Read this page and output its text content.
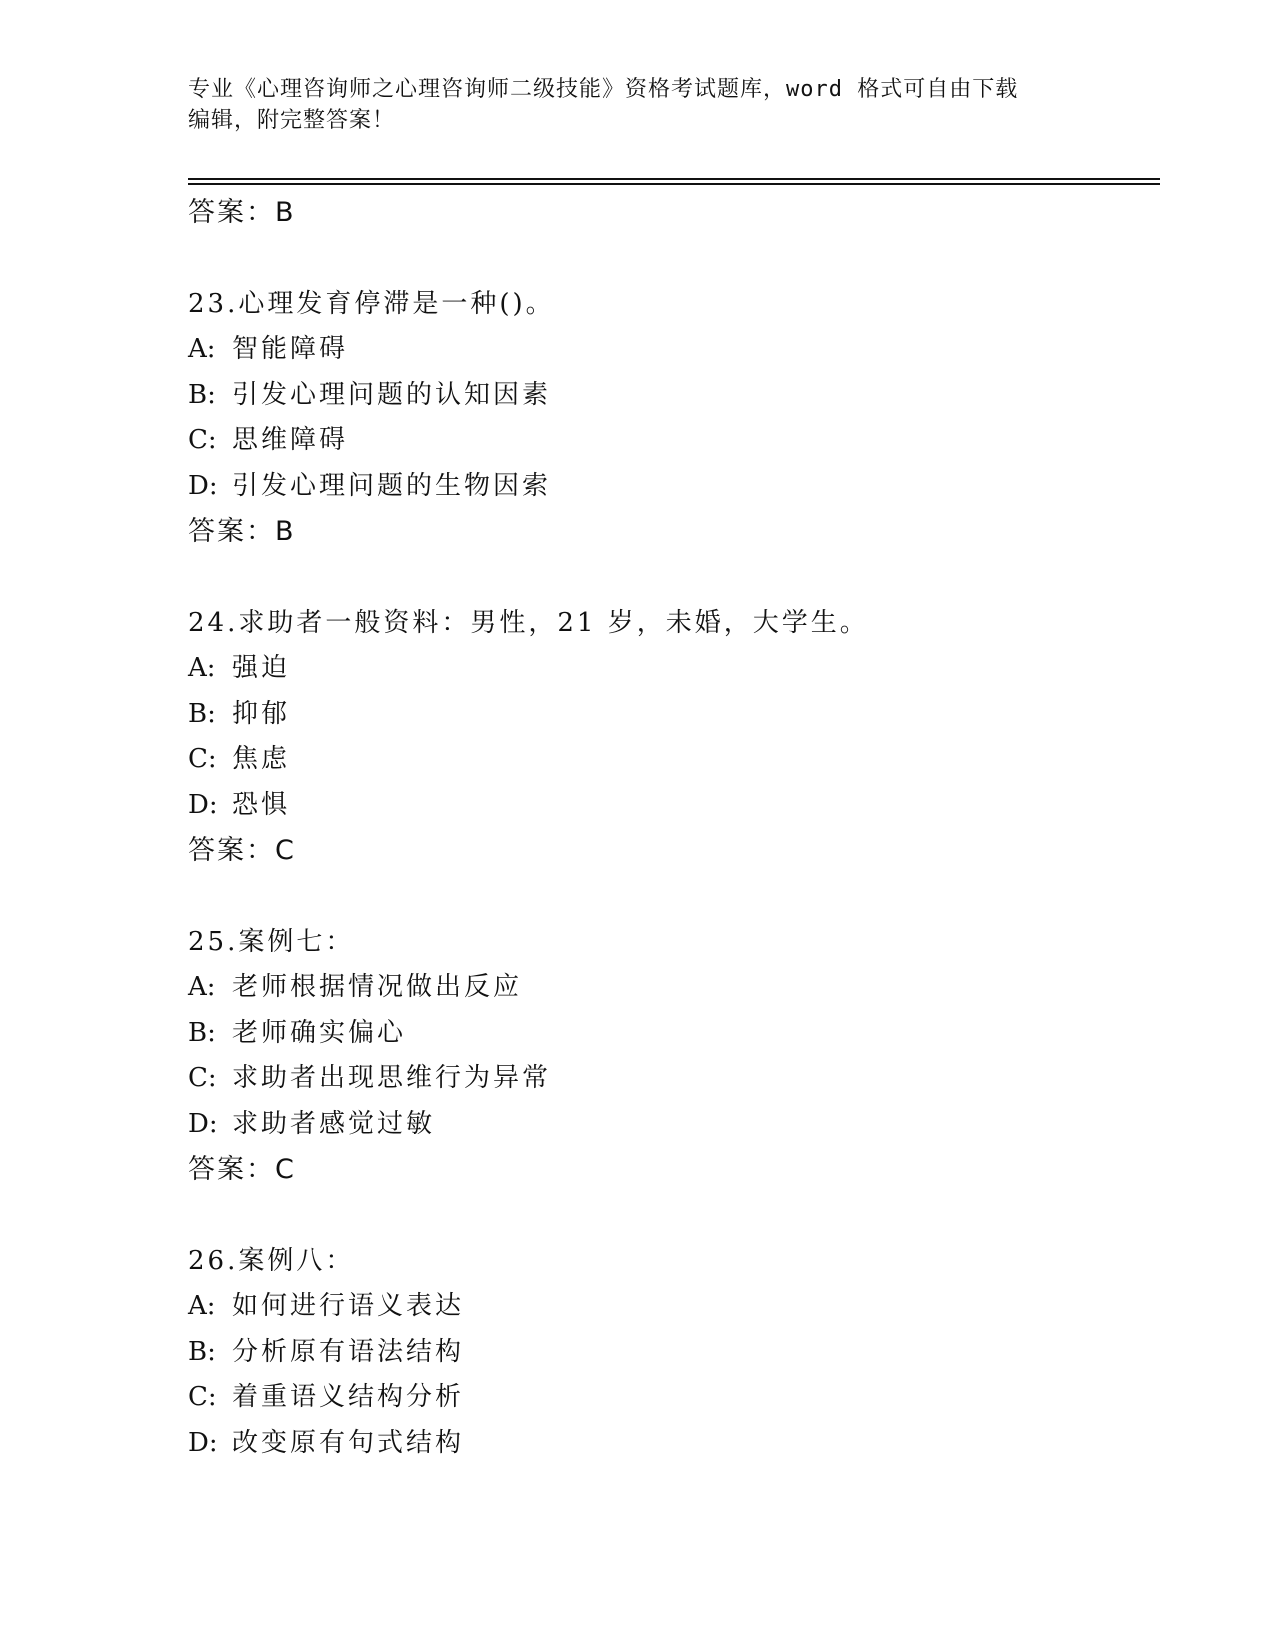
专业《心理咨询师之心理咨询师二级技能》资格考试题库，word 格式可自由下载
编辑，附完整答案！
答案：B
23.心理发育停滞是一种()。
A: 智能障碍
B: 引发心理问题的认知因素
C: 思维障碍
D: 引发心理问题的生物因索
答案：B
24.求助者一般资料：男性，21 岁，未婚，大学生。
A: 强迫
B: 抑郁
C: 焦虑
D: 恐惧
答案：C
25.案例七：
A: 老师根据情况做出反应
B: 老师确实偏心
C: 求助者出现思维行为异常
D: 求助者感觉过敏
答案：C
26.案例八：
A: 如何进行语义表达
B: 分析原有语法结构
C: 着重语义结构分析
D: 改变原有句式结构
